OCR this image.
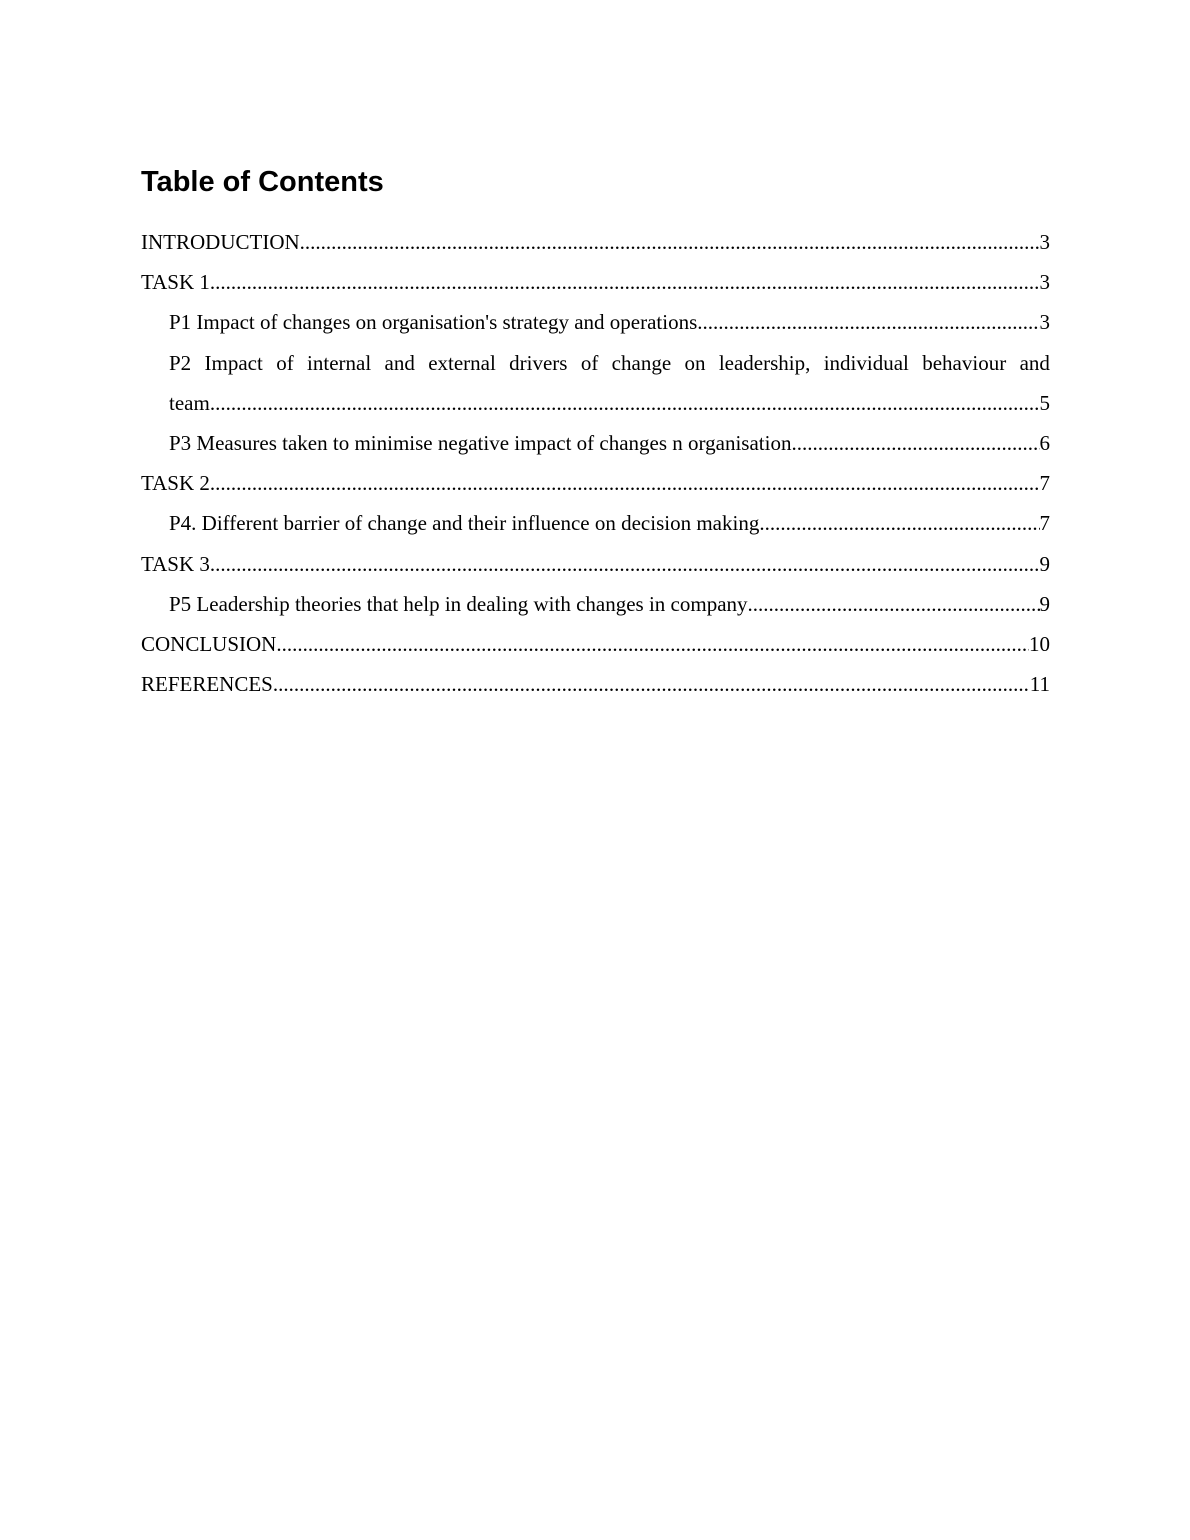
Table of Contents
INTRODUCTION .....	3
TASK 1 .....	3
P1 Impact of changes on organisation's strategy and operations .....	3
P2 Impact of internal and external drivers of change on leadership, individual behaviour and
team .....	5
P3 Measures taken to minimise negative impact of changes n organisation .....	6
TASK 2 .....	7
P4. Different barrier of change and their influence on decision making .....	7
TASK 3 .....	9
P5 Leadership theories that help in dealing with changes in company .....	9
CONCLUSION .....	10
REFERENCES .....	11
